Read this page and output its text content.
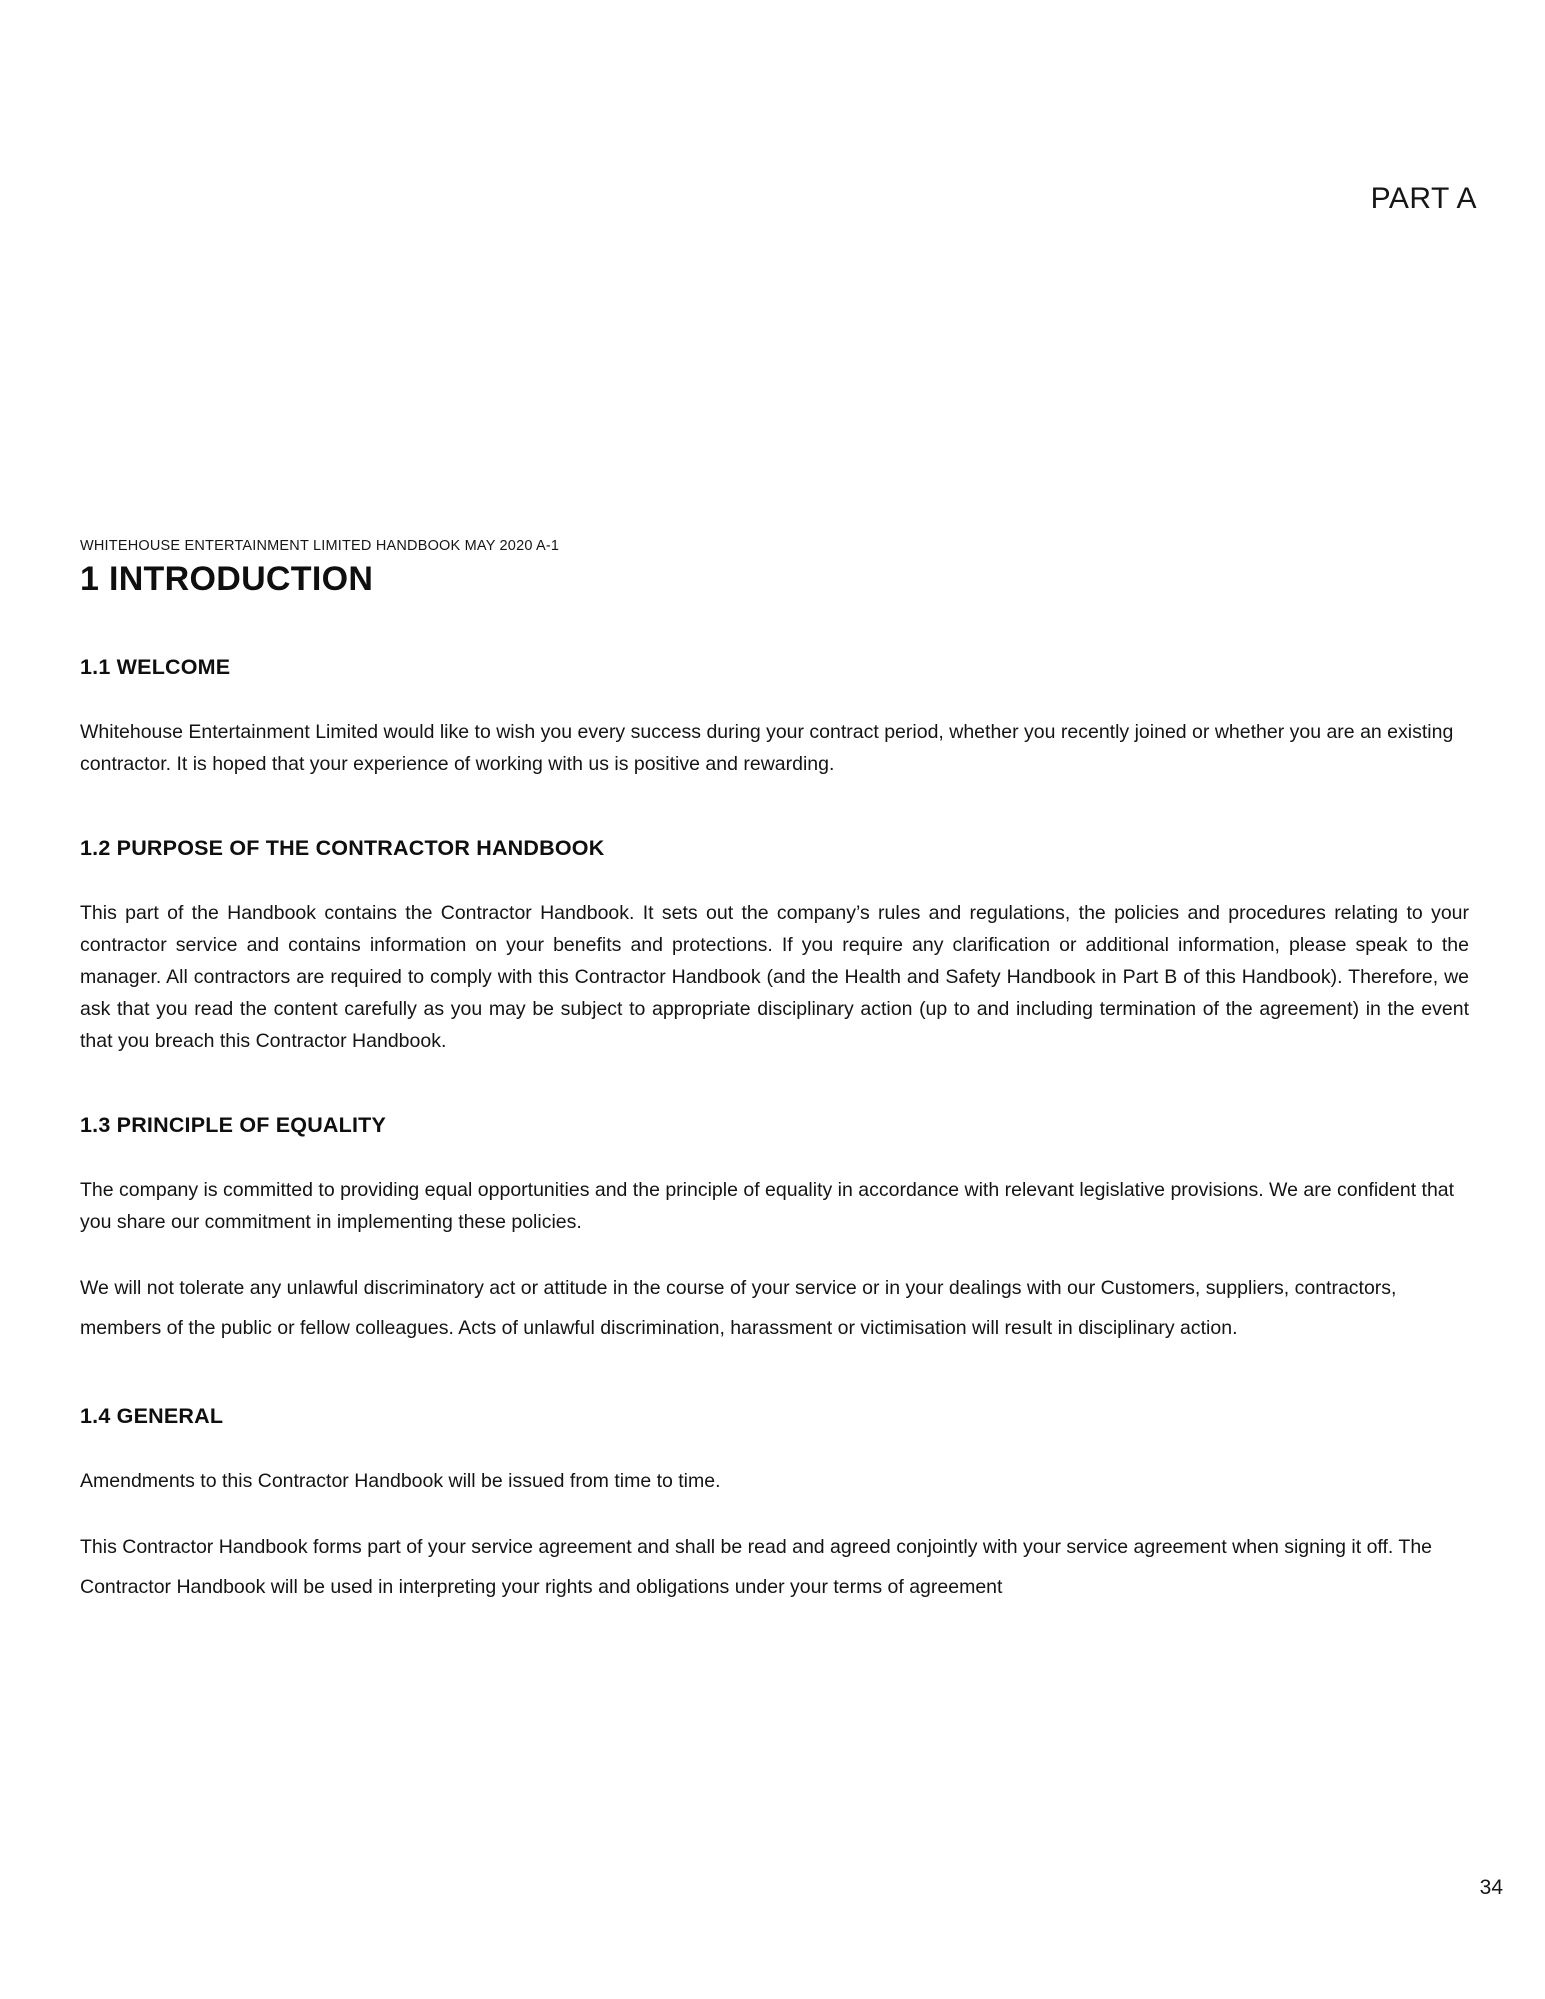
PART A
WHITEHOUSE ENTERTAINMENT LIMITED HANDBOOK MAY 2020 A-1
1 INTRODUCTION
1.1 WELCOME

Whitehouse Entertainment Limited would like to wish you every success during your contract period, whether you recently joined or whether you are an existing contractor. It is hoped that your experience of working with us is positive and rewarding.

1.2 PURPOSE OF THE CONTRACTOR HANDBOOK

This part of the Handbook contains the Contractor Handbook. It sets out the company’s rules and regulations, the policies and procedures relating to your contractor service and contains information on your benefits and protections. If you require any clarification or additional information, please speak to the manager. All contractors are required to comply with this Contractor Handbook (and the Health and Safety Handbook in Part B of this Handbook). Therefore, we ask that you read the content carefully as you may be subject to appropriate disciplinary action (up to and including termination of the agreement) in the event that you breach this Contractor Handbook.

1.3 PRINCIPLE OF EQUALITY

The company is committed to providing equal opportunities and the principle of equality in accordance with relevant legislative provisions. We are confident that you share our commitment in implementing these policies.

We will not tolerate any unlawful discriminatory act or attitude in the course of your service or in your dealings with our Customers, suppliers, contractors, members of the public or fellow colleagues. Acts of unlawful discrimination, harassment or victimisation will result in disciplinary action.

1.4 GENERAL

Amendments to this Contractor Handbook will be issued from time to time.

This Contractor Handbook forms part of your service agreement and shall be read and agreed conjointly with your service agreement when signing it off. The Contractor Handbook will be used in interpreting your rights and obligations under your terms of agreement

34
